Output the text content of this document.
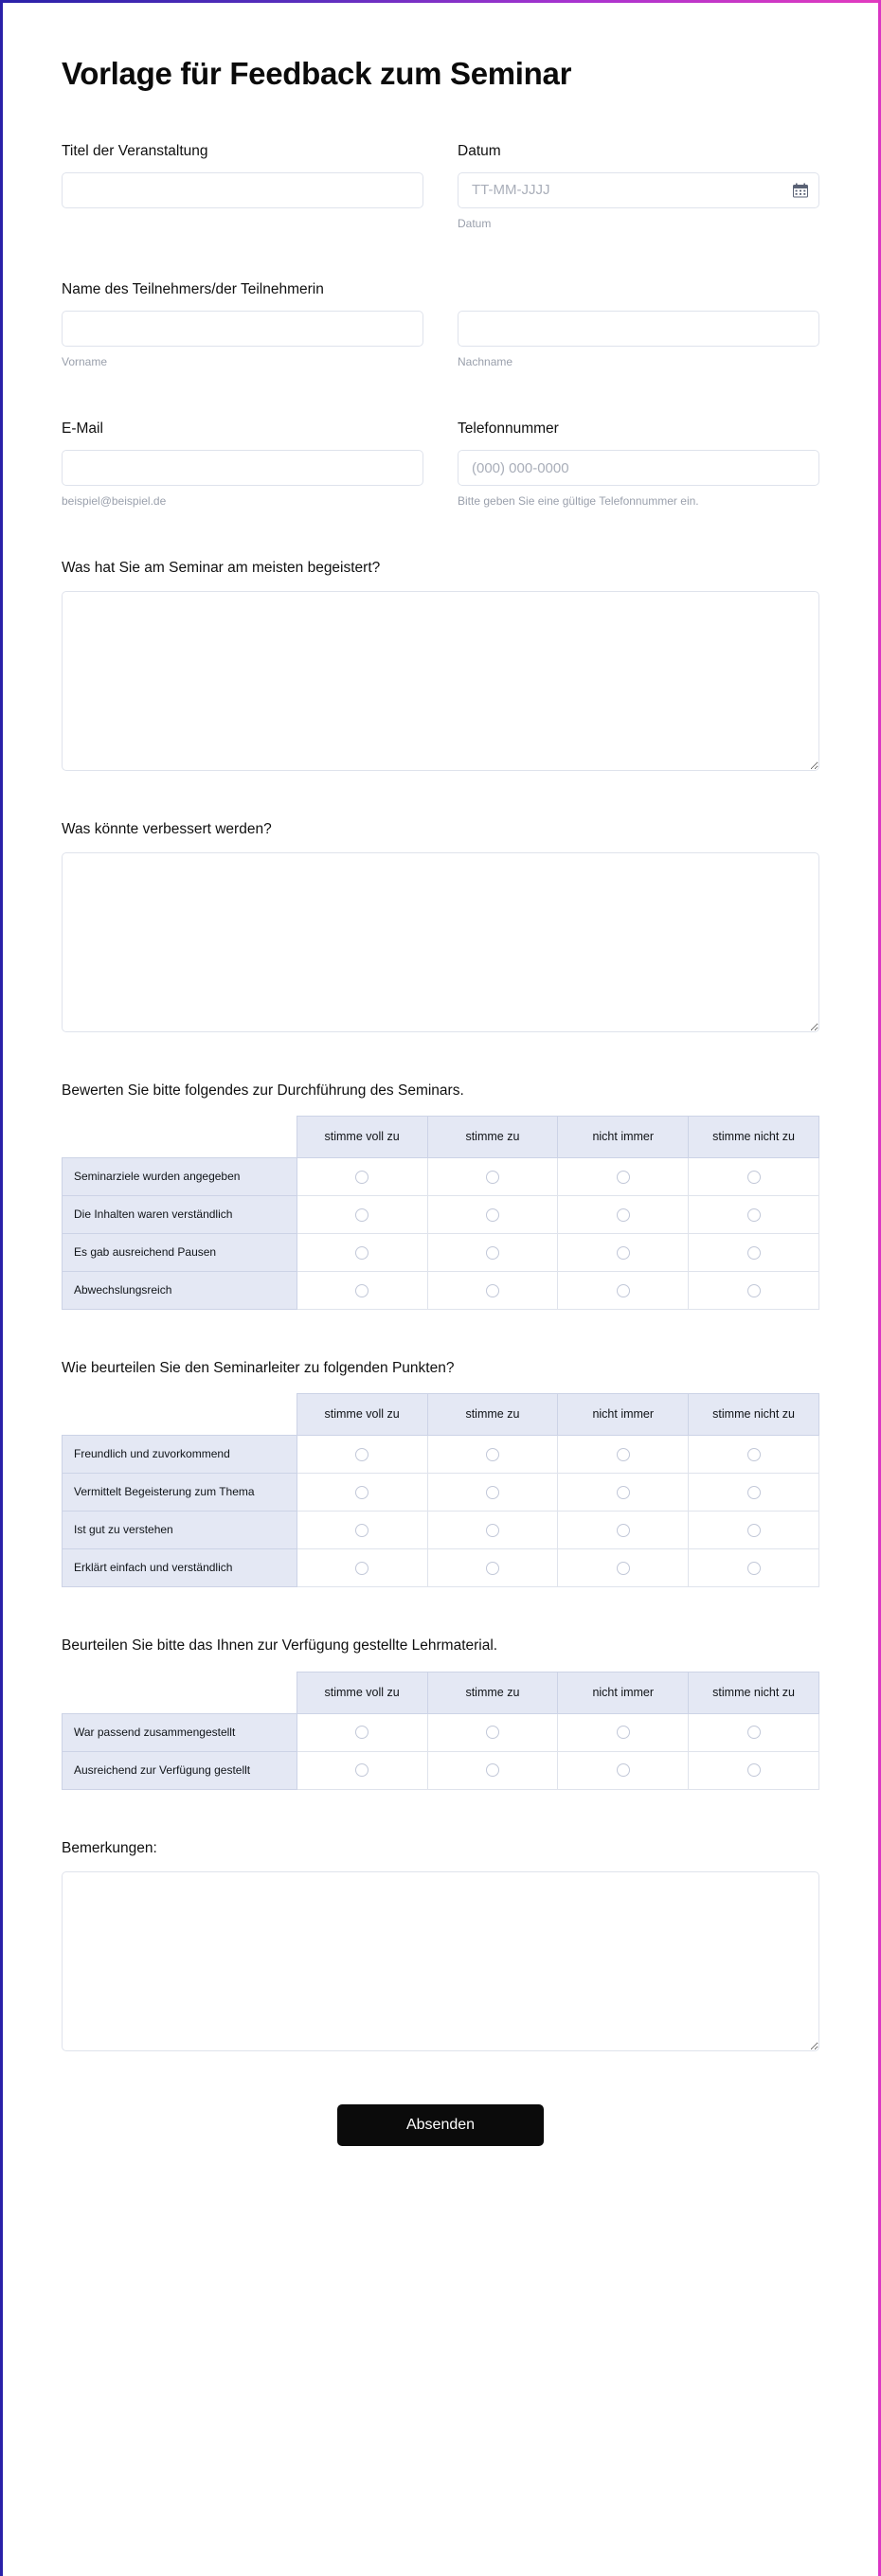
Vorlage für Feedback zum Seminar
Titel der Veranstaltung	Datum
TT-MM-JJJJ
Datum
Name des Teilnehmers/der Teilnehmerin
Vorname	Nachname
E-Mail
beispiel@beispiel.de
Telefonnummer
(000) 000-0000
Bitte geben Sie eine gültige Telefonnummer ein.
Was hat Sie am Seminar am meisten begeistert?
Was könnte verbessert werden?
Bewerten Sie bitte folgendes zur Durchführung des Seminars.
	stimme voll zu	stimme zu	nicht immer	stimme nicht zu
Seminarziele wurden angegeben				
Die Inhalten waren verständlich				
Es gab ausreichend Pausen				
Abwechslungsreich				
Wie beurteilen Sie den Seminarleiter zu folgenden Punkten?
	stimme voll zu	stimme zu	nicht immer	stimme nicht zu
Freundlich und zuvorkommend				
Vermittelt Begeisterung zum Thema				
Ist gut zu verstehen				
Erklärt einfach und verständlich				
Beurteilen Sie bitte das Ihnen zur Verfügung gestellte Lehrmaterial.
	stimme voll zu	stimme zu	nicht immer	stimme nicht zu
War passend zusammengestellt				
Ausreichend zur Verfügung gestellt				
Bemerkungen:
Absenden
